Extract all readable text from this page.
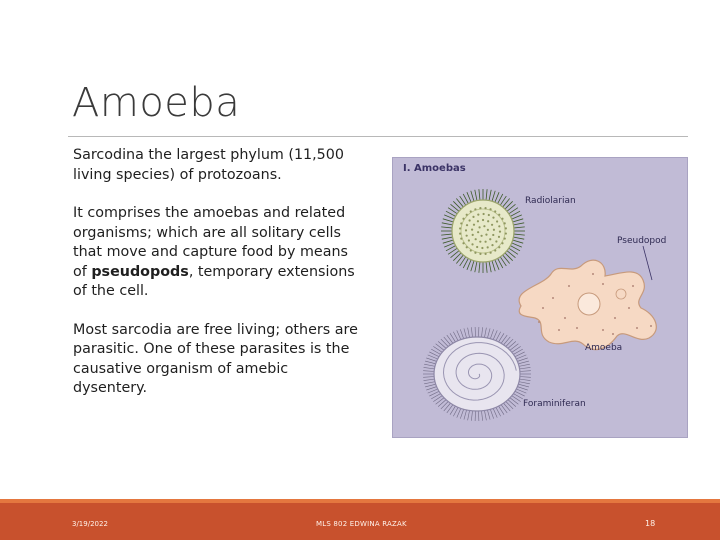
Amoeba

Sarcodina the largest phylum (11,500 living species) of protozoans.

It comprises the amoebas and related organisms; which are all solitary cells that move and capture food by means of pseudopods, temporary extensions of the cell.

Most sarcodia are free living; others are parasitic. One of these parasites is the causative organism of amebic dysentery.

I. Amoebas
Radiolarian
Pseudopod
Amoeba
Foraminiferan
3/19/2022	MLS 802 EDWINA RAZAK	18
